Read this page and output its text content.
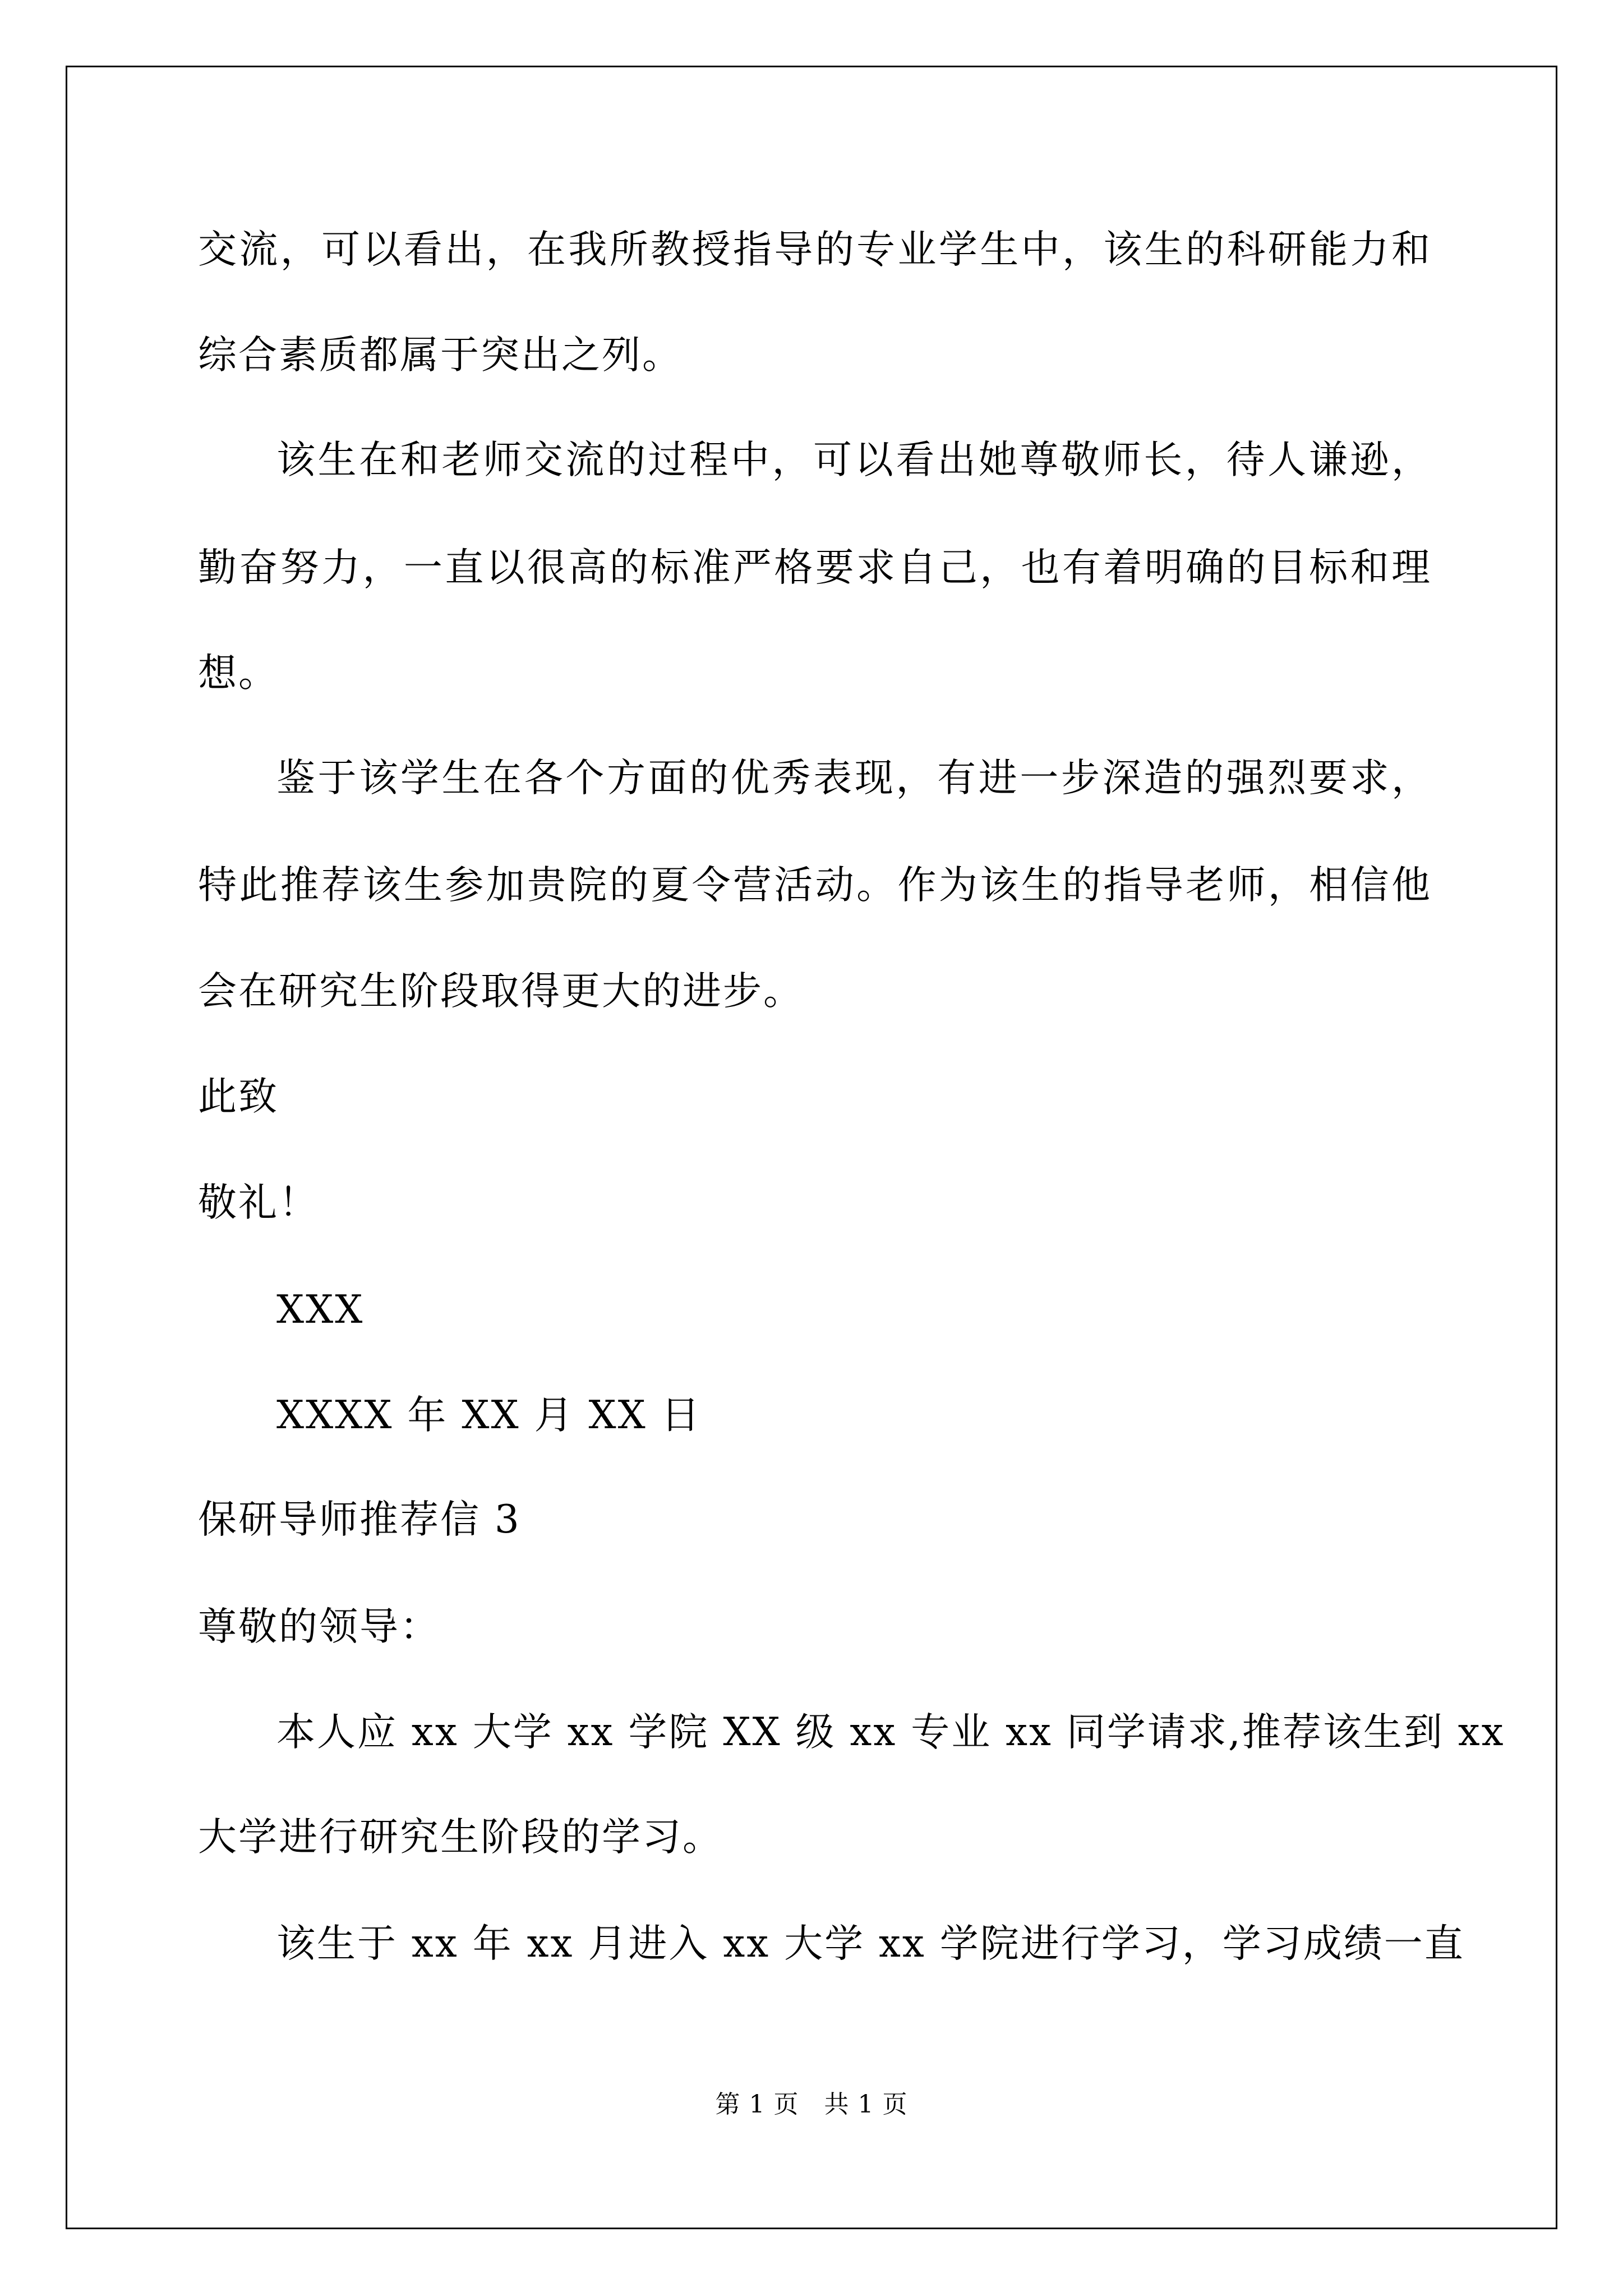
交流，可以看出，在我所教授指导的专业学生中，该生的科研能力和
综合素质都属于突出之列。
该生在和老师交流的过程中，可以看出她尊敬师长，待人谦逊，
勤奋努力，一直以很高的标准严格要求自己，也有着明确的目标和理
想。
鉴于该学生在各个方面的优秀表现，有进一步深造的强烈要求，
特此推荐该生参加贵院的夏令营活动。作为该生的指导老师，相信他
会在研究生阶段取得更大的进步。
此致
敬礼！
XXX
XXXX 年 XX 月 XX 日
保研导师推荐信 3
尊敬的领导：
本人应 xx 大学 xx 学院 XX 级 xx 专业 xx 同学请求,推荐该生到 xx
大学进行研究生阶段的学习。
该生于 xx 年 xx 月进入 xx 大学 xx 学院进行学习，学习成绩一直
第 1 页　共 1 页
